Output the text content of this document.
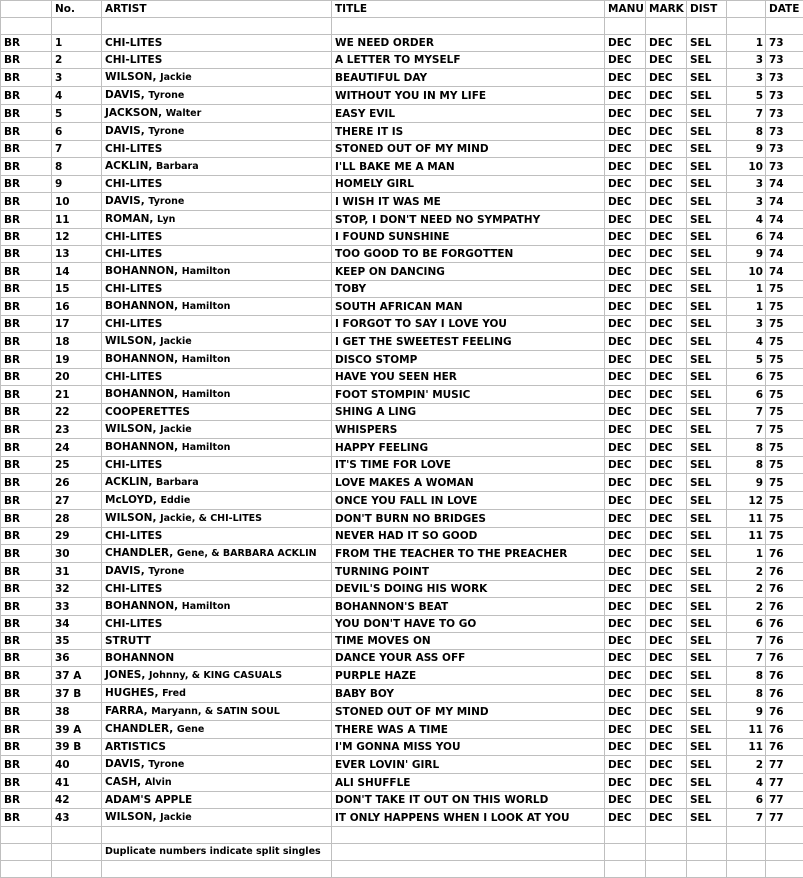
	No.	ARTIST	TITLE	MANU	MARK	DIST		DATE

BR	1	CHI-LITES	WE NEED ORDER	DEC	DEC	SEL	1	73
BR	2	CHI-LITES	A LETTER TO MYSELF	DEC	DEC	SEL	3	73
BR	3	WILSON, Jackie	BEAUTIFUL DAY	DEC	DEC	SEL	3	73
BR	4	DAVIS, Tyrone	WITHOUT YOU IN MY LIFE	DEC	DEC	SEL	5	73
BR	5	JACKSON, Walter	EASY EVIL	DEC	DEC	SEL	7	73
BR	6	DAVIS, Tyrone	THERE IT IS	DEC	DEC	SEL	8	73
BR	7	CHI-LITES	STONED OUT OF MY MIND	DEC	DEC	SEL	9	73
BR	8	ACKLIN, Barbara	I'LL BAKE ME A MAN	DEC	DEC	SEL	10	73
BR	9	CHI-LITES	HOMELY GIRL	DEC	DEC	SEL	3	74
BR	10	DAVIS, Tyrone	I WISH IT WAS ME	DEC	DEC	SEL	3	74
BR	11	ROMAN, Lyn	STOP, I DON'T NEED NO SYMPATHY	DEC	DEC	SEL	4	74
BR	12	CHI-LITES	I FOUND SUNSHINE	DEC	DEC	SEL	6	74
BR	13	CHI-LITES	TOO GOOD TO BE FORGOTTEN	DEC	DEC	SEL	9	74
BR	14	BOHANNON, Hamilton	KEEP ON DANCING	DEC	DEC	SEL	10	74
BR	15	CHI-LITES	TOBY	DEC	DEC	SEL	1	75
BR	16	BOHANNON, Hamilton	SOUTH AFRICAN MAN	DEC	DEC	SEL	1	75
BR	17	CHI-LITES	I FORGOT TO SAY I LOVE YOU	DEC	DEC	SEL	3	75
BR	18	WILSON, Jackie	I GET THE SWEETEST FEELING	DEC	DEC	SEL	4	75
BR	19	BOHANNON, Hamilton	DISCO STOMP	DEC	DEC	SEL	5	75
BR	20	CHI-LITES	HAVE YOU SEEN HER	DEC	DEC	SEL	6	75
BR	21	BOHANNON, Hamilton	FOOT STOMPIN' MUSIC	DEC	DEC	SEL	6	75
BR	22	COOPERETTES	SHING A LING	DEC	DEC	SEL	7	75
BR	23	WILSON, Jackie	WHISPERS	DEC	DEC	SEL	7	75
BR	24	BOHANNON, Hamilton	HAPPY FEELING	DEC	DEC	SEL	8	75
BR	25	CHI-LITES	IT'S TIME FOR LOVE	DEC	DEC	SEL	8	75
BR	26	ACKLIN, Barbara	LOVE MAKES A WOMAN	DEC	DEC	SEL	9	75
BR	27	McLOYD, Eddie	ONCE YOU FALL IN LOVE	DEC	DEC	SEL	12	75
BR	28	WILSON, Jackie, & CHI-LITES	DON'T BURN NO BRIDGES	DEC	DEC	SEL	11	75
BR	29	CHI-LITES	NEVER HAD IT SO GOOD	DEC	DEC	SEL	11	75
BR	30	CHANDLER, Gene, & BARBARA ACKLIN	FROM THE TEACHER TO THE PREACHER	DEC	DEC	SEL	1	76
BR	31	DAVIS, Tyrone	TURNING POINT	DEC	DEC	SEL	2	76
BR	32	CHI-LITES	DEVIL'S DOING HIS WORK	DEC	DEC	SEL	2	76
BR	33	BOHANNON, Hamilton	BOHANNON'S BEAT	DEC	DEC	SEL	2	76
BR	34	CHI-LITES	YOU DON'T HAVE TO GO	DEC	DEC	SEL	6	76
BR	35	STRUTT	TIME MOVES ON	DEC	DEC	SEL	7	76
BR	36	BOHANNON	DANCE YOUR ASS OFF	DEC	DEC	SEL	7	76
BR	37 A	JONES, Johnny, & KING CASUALS	PURPLE HAZE	DEC	DEC	SEL	8	76
BR	37 B	HUGHES, Fred	BABY BOY	DEC	DEC	SEL	8	76
BR	38	FARRA, Maryann, & SATIN SOUL	STONED OUT OF MY MIND	DEC	DEC	SEL	9	76
BR	39 A	CHANDLER, Gene	THERE WAS A TIME	DEC	DEC	SEL	11	76
BR	39 B	ARTISTICS	I'M GONNA MISS YOU	DEC	DEC	SEL	11	76
BR	40	DAVIS, Tyrone	EVER LOVIN' GIRL	DEC	DEC	SEL	2	77
BR	41	CASH, Alvin	ALI SHUFFLE	DEC	DEC	SEL	4	77
BR	42	ADAM'S APPLE	DON'T TAKE IT OUT ON THIS WORLD	DEC	DEC	SEL	6	77
BR	43	WILSON, Jackie	IT ONLY HAPPENS WHEN I LOOK AT YOU	DEC	DEC	SEL	7	77

		Duplicate numbers indicate split singles						
